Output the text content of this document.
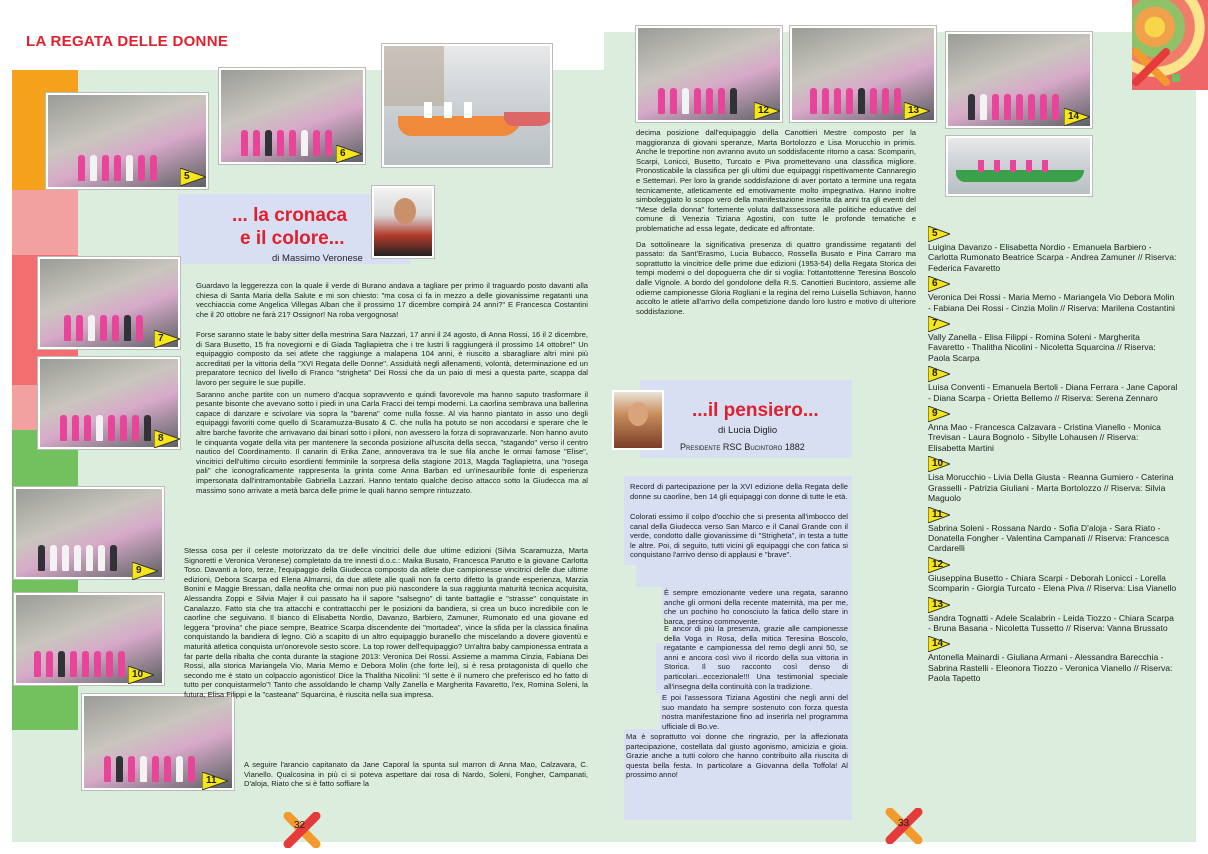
LA REGATA DELLE DONNE
5
6
... la cronaca
e il colore...
di Massimo Veronese
7
8
9
10
11

Guardavo la leggerezza con la quale il verde di Burano andava a tagliare per primo il traguardo posto davanti alla chiesa di Santa Maria della Salute e mi son chiesto: "ma cosa ci fa in mezzo a delle giovanissime regatanti una vecchiaccia come Angelica Villegas Alban che il prossimo 17 dicembre compirà 24 anni?" E Francesca Costantini che il 20 ottobre ne farà 21? Ossignor! Na roba vergognosa!

Forse saranno state le baby sitter della mestrina Sara Nazzari, 17 anni il 24 agosto, di Anna Rossi, 16 il 2 dicembre, di Sara Busetto, 15 fra novegiorni e di Giada Tagliapietra che i tre lustri li raggiungerà il prossimo 14 ottobre!" Un equipaggio composto da sei atlete che raggiunge a malapena 104 anni, è riuscito a sbaragliare altri mini più accreditati per la vittoria della "XVI Regata delle Donne". Assiduità negli allenamenti, volontà, determinazione ed un preparatore tecnico del livello di Franco "strigheta" Dei Rossi che da un paio di mesi a questa parte, scappa dal lavoro per seguire le sue pupille.

Saranno anche partite con un numero d'acqua sopravvento e quindi favorevole ma hanno saputo trasformare il pesante bisonte che avevano sotto i piedi in una Carla Fracci dei tempi moderni. La caorlina sembrava una ballerina capace di danzare e scivolare via sopra la "barena" come nulla fosse. Al via hanno piantato in asso uno degli equipaggi favoriti come quello di Scaramuzza-Busato & C. che nulla ha potuto se non accodarsi e sperare che le altre barche favorite che arrivavano dai binari sotto i piloni, non avessero la forza di sopravanzarle. Non hanno avuto le cinquanta vogate della vita per mantenere la seconda posizione all'uscita della secca, "stagando" verso il centro nautico del Coordinamento. Il canarin di Erika Zane, annoverava tra le sue fila anche le ormai famose "Elise", vincitrici dell'ultimo circuito esordienti femminile la sorpresa della stagione 2013, Magda Tagliapietra, una "rosega pali" che iconograficamente rappresenta la grinta come Anna Barban ed un'inesauribile fonte di esperienza impersonata dall'intramontabile Gabriella Lazzari. Hanno tentato qualche deciso attacco sotto la Giudecca ma al massimo sono arrivate a metà barca delle prime le quali hanno sempre rintuzzato.

Stessa cosa per il celeste motorizzato da tre delle vincitrici delle due ultime edizioni (Silvia Scaramuzza, Marta Signoretti e Veronica Veronese) completato da tre innesti d.o.c.: Maika Busato, Francesca Parutto e la giovane Carlotta Toso. Davanti a loro, terze, l'equipaggio della Giudecca composto da atlete due campionesse vincitrici delle due ultime edizioni, Debora Scarpa ed Elena Almansi, da due atlete alle quali non fa certo difetto la grande esperienza, Marzia Bonini e Maggie Bressan, dalla neofita che ormai non puo più nascondere la sua raggiunta maturità tecnica acquisita, Alessandra Zoppi e Silvia Majer il cui passato ha il sapore "salsegno" di tante battaglie e "strasse" conquistate in Canalazzo. Fatto sta che tra attacchi e contrattacchi per le posizioni da bandiera, si crea un buco incredibile con le caorline che seguivano. Il bianco di Elisabetta Nordio, Davanzo, Barbiero, Zamuner, Rumonato ed una giovane ed leggera "provina" che piace sempre, Beatrice Scarpa discendente dei "mortadea", vince la sfida per la classica finalina conquistando la bandiera di legno. Ciò a scapito di un altro equipaggio buranello che miscelando a dovere gioventù e maturità atletica conquista un'onorevole sesto score. La top rower dell'equipaggio? Un'altra baby campionessa entrata a far parte della ribalta che conta durante la stagione 2013: Veronica Dei Rossi. Assieme a mamma Cinzia, Fabiana Dei Rossi, alla storica Mariangela Vio, Maria Memo e Debora Molin (che forte lei), si è resa protagonista di quello che secondo me è stato un colpaccio agonistico! Dice la Thalitha Nicolini: "il sette è il numero che preferisco ed ho fatto di tutto per conquistarmelo"! Tanto che assoldando le champ Vally Zanella e Margherita Favaretto, l'ex, Romina Soleni, la futura, Elisa Filippi e la "casteana" Squarcina, è riuscita nella sua impresa.

A seguire l'arancio capitanato da Jane Caporal la spunta sul marron di Anna Mao, Calzavara, C. Vianello. Qualcosina in più ci si poteva aspettare dai rosa di Nardo, Soleni, Fongher, Campanati, D'aloja, Riato che si è fatto soffiare la

32
12	13
14

decima posizione dall'equipaggio della Canottieri Mestre composto per la maggioranza di giovani speranze, Marta Bortolozzo e Lisa Morucchio in primis. Anche le treportine non avranno avuto un soddisfacente ritorno a casa: Scomparin, Scarpi, Lonicci, Busetto, Turcato e Piva promettevano una classifica migliore. Pronosticabile la classifica per gli ultimi due equipaggi rispettivamente Cannaregio e Settemari. Per loro la grande soddisfazione di aver portato a termine una regata tecnicamente, atleticamente ed emotivamente molto impegnativa. Hanno inoltre simboleggiato lo scopo vero della manifestazione inserita da anni tra gli eventi del "Mese della donna" fortemente voluta dall'assessora alle politiche educative del comune di Venezia Tiziana Agostini, con tutte le profonde tematiche e problematiche ad essa legate, dedicate ed affrontate.

Da sottolineare la significativa presenza di quattro grandissime regatanti del passato: da Sant'Erasmo, Lucia Bubacco, Rossella Busato e Pina Carraro ma soprattutto la vincitrice delle prime due edizioni (1953-54) della Regata Storica dei tempi moderni o del dopoguerra che dir si voglia: l'ottantottenne Teresina Boscolo dalle Vignole. A bordo del gondolone della R.S. Canottieri Bucintoro, assieme alle odierne campionesse Gloria Rogliani e la regina del remo Luisella Schiavon, hanno accolto le atlete all'arrivo della competizione dando loro lustro e motivo di ulteriore soddisfazione.

...il pensiero...
di Lucia Diglio
Presidente RSC Bucintoro 1882

Record di partecipazione per la XVI edizione della Regata delle donne su caorline, ben 14 gli equipaggi con donne di tutte le età.

Colorati essimo il colpo d'occhio che si presenta all'imbocco del canal della Giudecca verso San Marco e il Canal Grande con il verde, condotto dalle giovanissime di "Strigheta", in testa a tutte le altre. Poi, di seguito, tutti vicini gli equipaggi che con fatica si conquistano l'arrivo denso di applausi e "brave".

È sempre emozionante vedere una regata, saranno anche gli ormoni della recente maternità, ma per me, che un pochino ho conosciuto la fatica dello stare in barca, persino commovente.

E ancor di più la presenza, grazie alle campionesse della Voga in Rosa, della mitica Teresina Boscolo, regatante e campionessa del remo degli anni 50, se anni e ancora così vivo il ricordo della sua vittoria in Storica. Il suo racconto così denso di particolari...eccezionale!!! Una testimonial speciale all'insegna della continuità con la tradizione.

E poi l'assessora Tiziana Agostini che negli anni del suo mandato ha sempre sostenuto con forza questa nostra manifestazione fino ad inserirla nel programma ufficiale di Bo.ve.

Ma è soprattutto voi donne che ringrazio, per la affezionata partecipazione, costellata dal giusto agonismo, amicizia e gioia. Grazie anche a tutti coloro che hanno contribuito alla riuscita di questa bella festa. In particolare a Giovanna della Toffola! Al prossimo anno!

5
Luigina Davanzo - Elisabetta Nordio - Emanuela Barbiero - Carlotta Rumonato Beatrice Scarpa - Andrea Zamuner // Riserva: Federica Favaretto
6
Veronica Dei Rossi - Maria Memo - Mariangela Vio Debora Molin - Fabiana Dei Rossi - Cinzia Molin // Riserva: Marilena Costantini
7
Vally Zanella - Elisa Filippi - Romina Soleni - Margherita Favaretto - Thalitha Nicolini - Nicoletta Squarcina // Riserva: Paola Scarpa
8
Luisa Conventi - Emanuela Bertoli - Diana Ferrara - Jane Caporal - Diana Scarpa - Orietta Bellemo // Riserva: Serena Zennaro
9
Anna Mao - Francesca Calzavara - Cristina Vianello - Monica Trevisan - Laura Bognolo - Sibylle Lohausen // Riserva: Elisabetta Martini
10
Lisa Morucchio - Livia Della Giusta - Reanna Gumiero - Caterina Grasselli - Patrizia Giuliani - Marta Bortolozzo // Riserva: Silvia Maguolo
11
Sabrina Soleni - Rossana Nardo - Sofia D'aloja - Sara Riato - Donatella Fongher - Valentina Campanati // Riserva: Francesca Cardarelli
12
Giuseppina Busetto - Chiara Scarpi - Deborah Lonicci - Lorella Scomparin - Giorgia Turcato - Elena Piva // Riserva: Lisa Vianello
13
Sandra Tognatti - Adele Scalabrin - Leida Tiozzo - Chiara Scarpa - Bruna Basana - Nicoletta Tussetto // Riserva: Vanna Brussato
14
Antonella Mainardi - Giuliana Armani - Alessandra Barecchia - Sabrina Rastelli - Eleonora Tiozzo - Veronica Vianello // Riserva: Paola Tapetto
33
